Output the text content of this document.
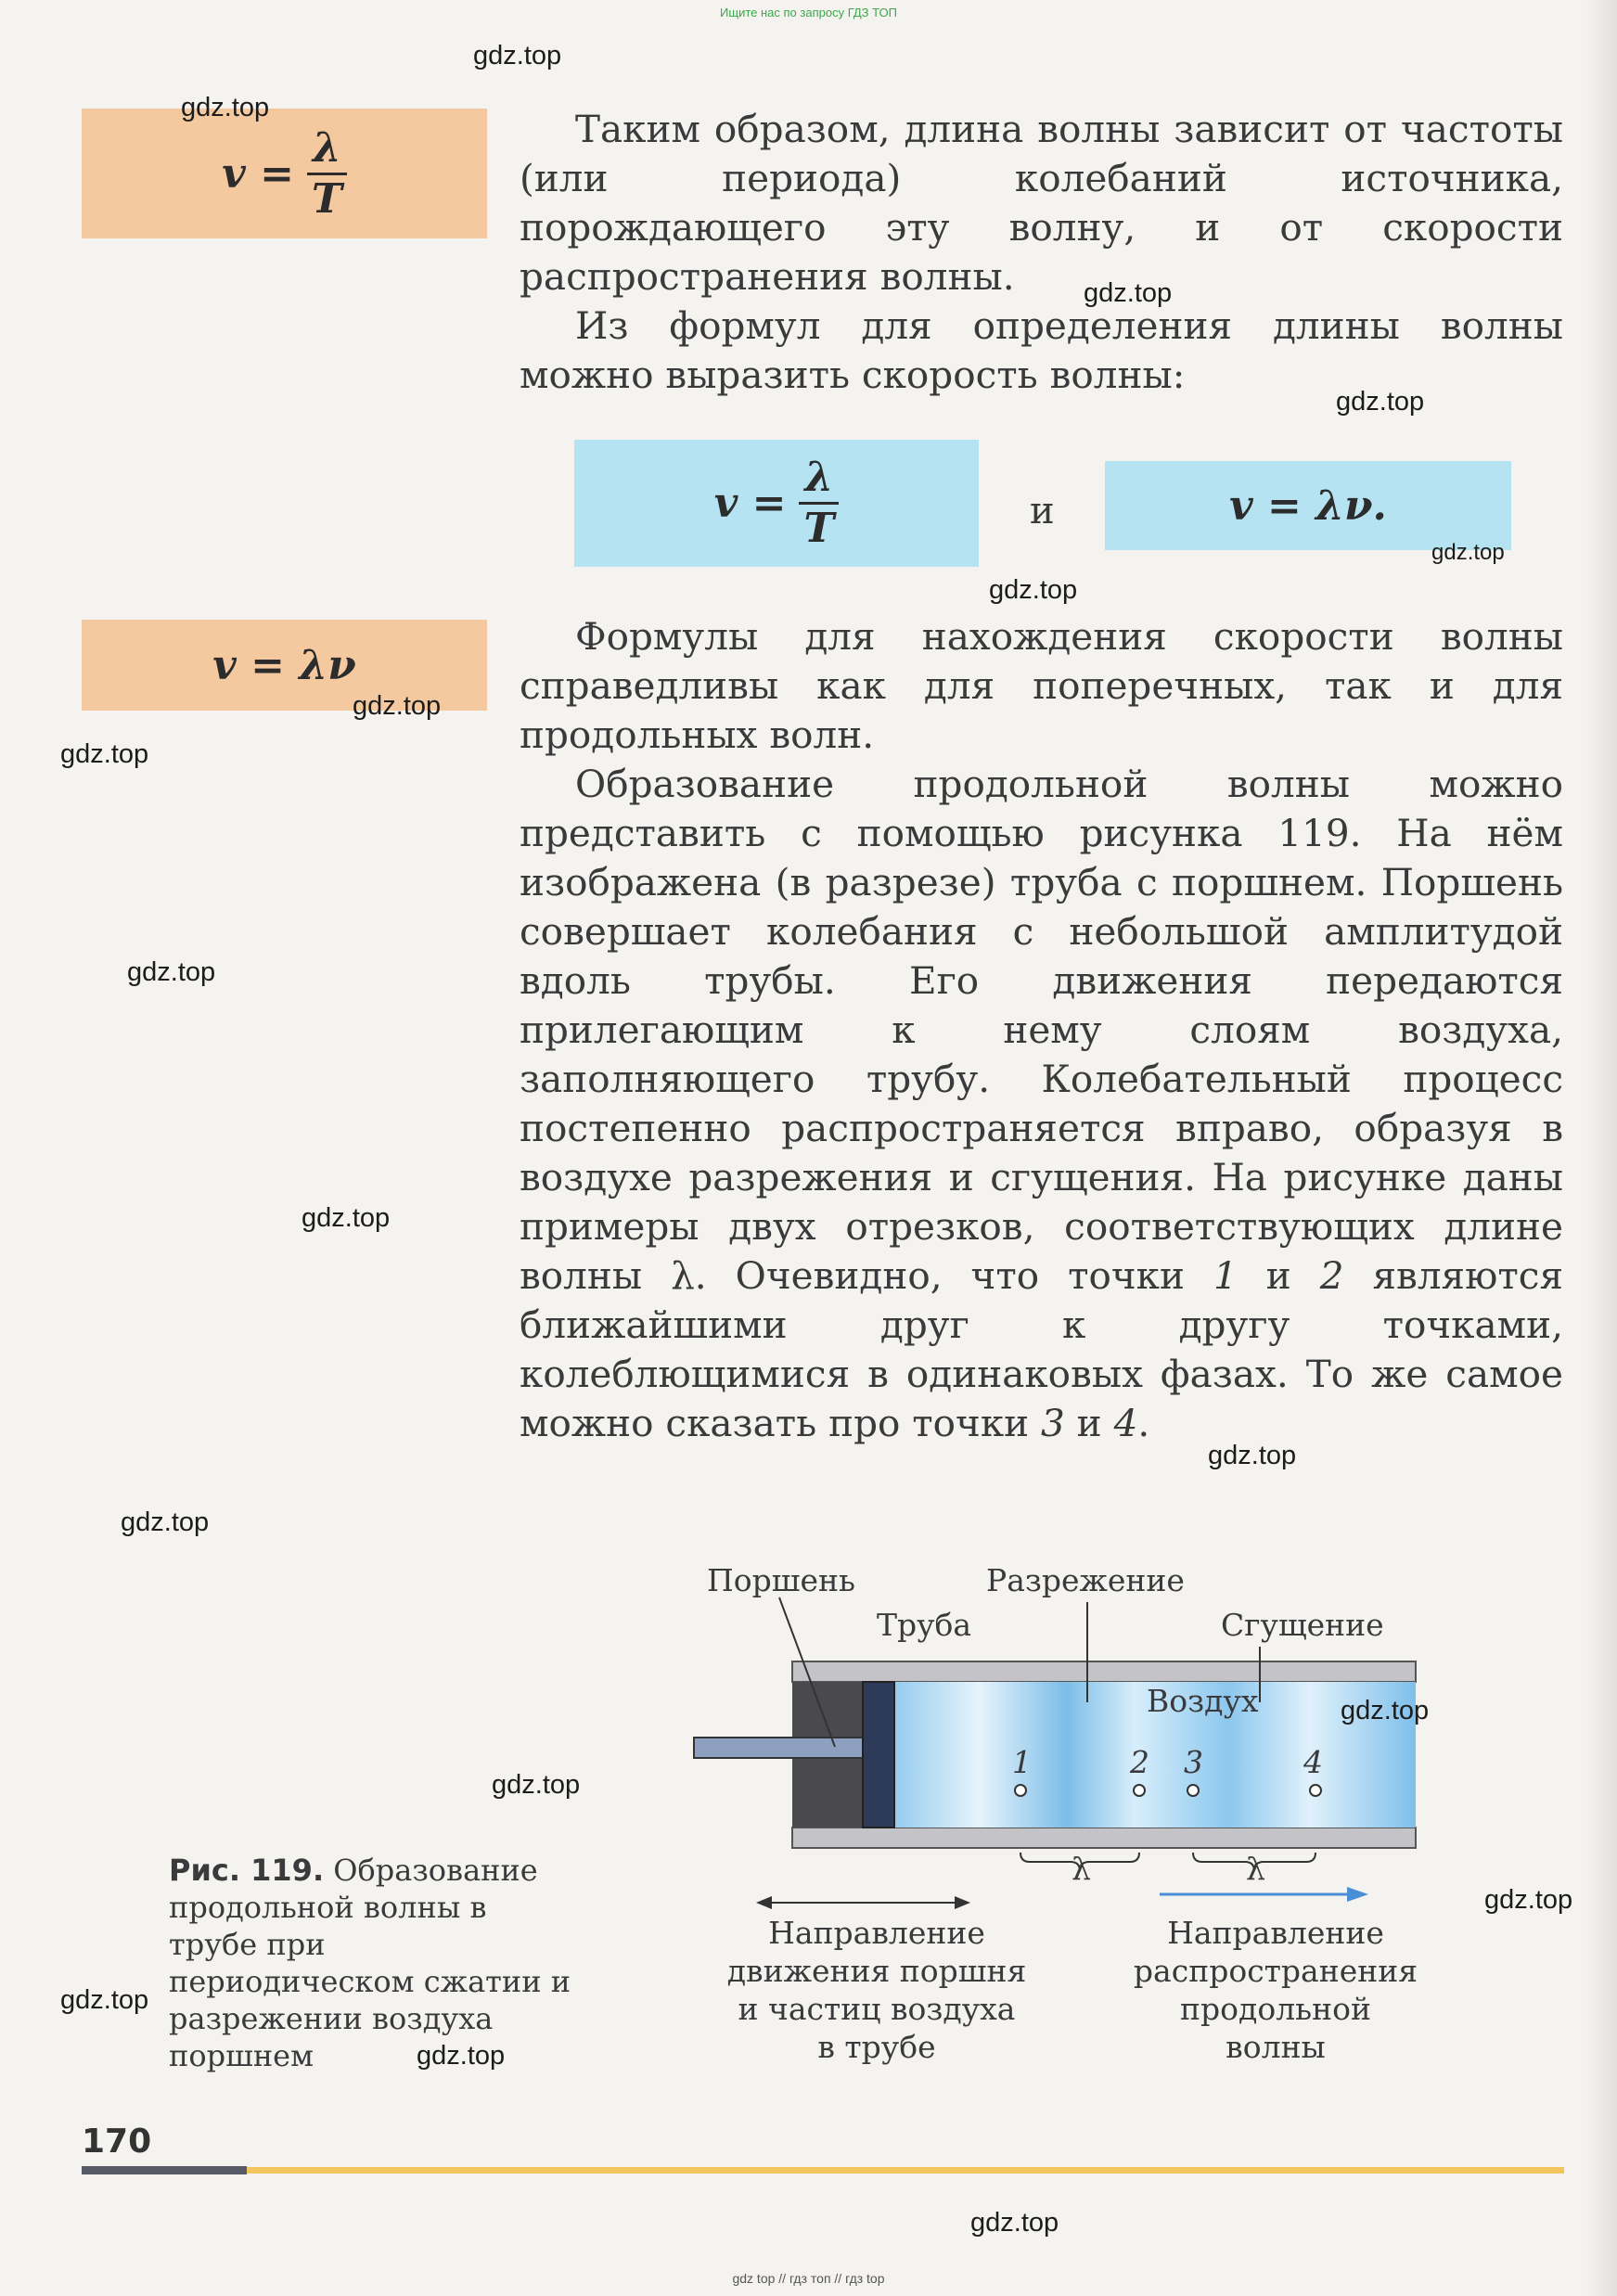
Ищите нас по запросу ГДЗ ТОП
$v = \frac{\lambda}{T}$
v = λν

Таким образом, длина волны зависит от частоты (или периода) колебаний источника, порождающего эту волну, и от скорости распространения волны.

Из формул для определения длины волны можно выразить скорость волны:

$v = \frac{\lambda}{T}$	и	v = λν.

Формулы для нахождения скорости волны справедливы как для поперечных, так и для продольных волн.

Образование продольной волны можно представить с помощью рисунка 119. На нём изображена (в разрезе) труба с поршнем. Поршень совершает колебания с небольшой амплитудой вдоль трубы. Его движения передаются прилегающим к нему слоям воздуха, заполняющего трубу. Колебательный процесс постепенно распространяется вправо, образуя в воздухе разрежения и сгущения. На рисунке даны примеры двух отрезков, соответствующих длине волны λ. Очевидно, что точки 1 и 2 являются ближайшими друг к другу точками, колеблющимися в одинаковых фазах. То же самое можно сказать про точки 3 и 4.

Поршень	Разрежение
Труба	Сгущение
Воздух
1	2 3	4
λ	λ
Направление
движения поршня
и частиц воздуха
в трубе
Направление
распространения
продольной
волны
Рис. 119. Образование продольной волны в трубе при периодическом сжатии и разрежении воздуха поршнем
170
gdz.top
gdz.top
gdz.top
gdz.top
gdz.top
gdz.top
gdz.top
gdz.top
gdz.top
gdz.top
gdz.top
gdz.top
gdz.top
gdz.top
gdz.top
gdz.top
gdz.top
gdz.top
gdz top // гдз топ // гдз top
